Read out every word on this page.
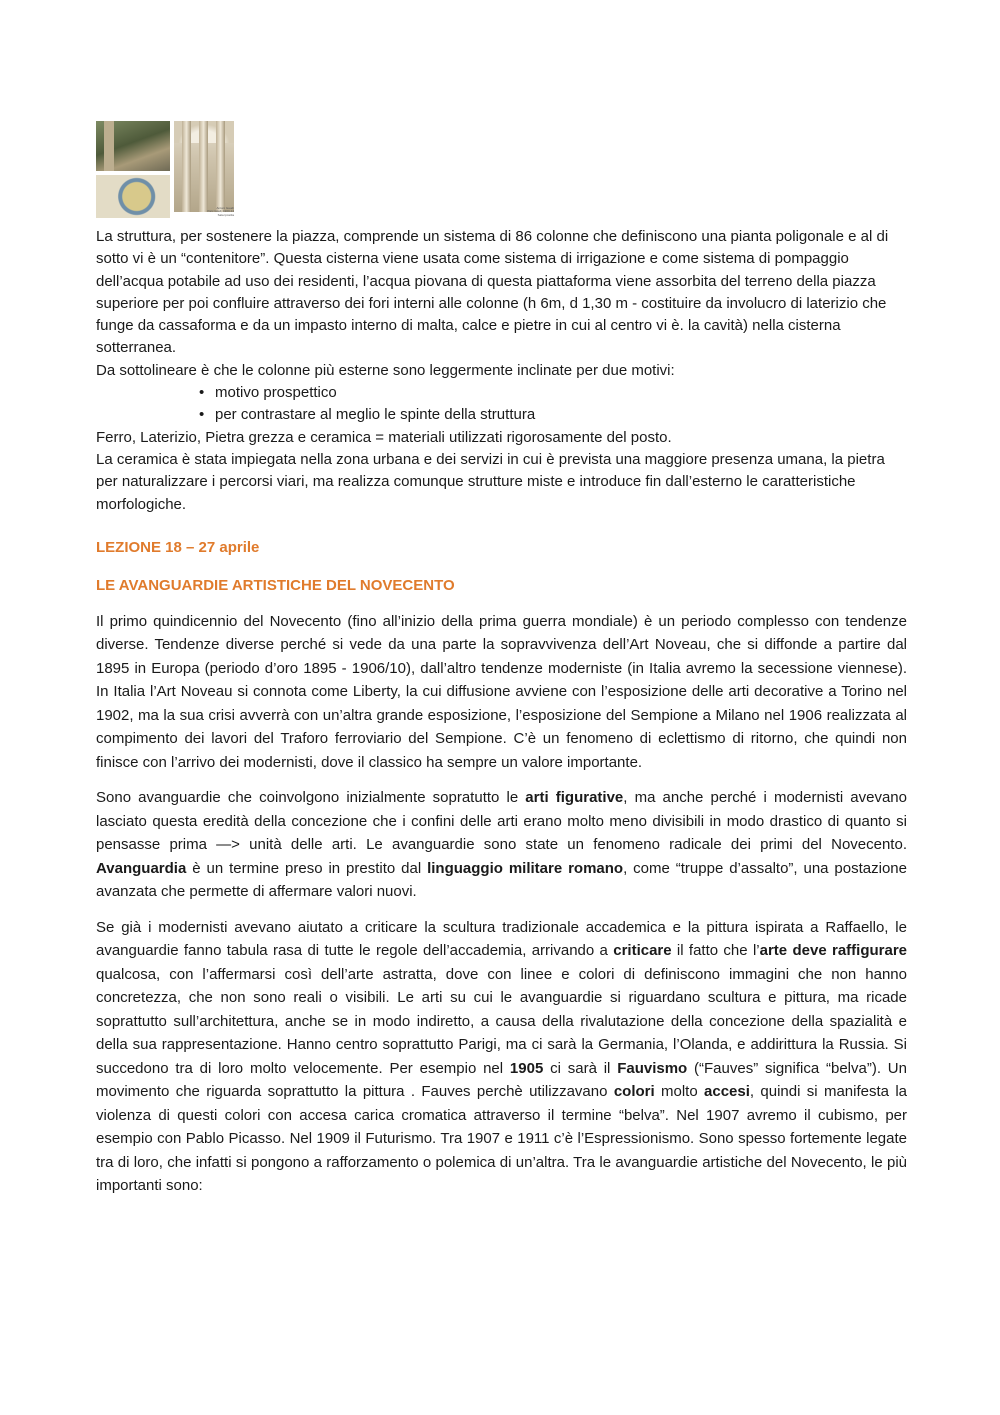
Antoni Gaudí
Parc Güell, 1900-14
Sala Ipòstila

La struttura, per sostenere la piazza, comprende un sistema di 86 colonne che definiscono una pianta poligonale e al di sotto vi è un “contenitore”. Questa cisterna viene usata come sistema di irrigazione e come sistema di pompaggio dell’acqua potabile ad uso dei residenti, l’acqua piovana di questa piattaforma viene assorbita del terreno della piazza superiore per poi confluire attraverso dei fori interni alle colonne (h 6m, d 1,30 m - costituire da involucro di laterizio che funge da cassaforma e da un impasto interno di malta, calce e pietre in cui al centro vi è. la cavità) nella cisterna sotterranea.

Da sottolineare è che le colonne più esterne sono leggermente inclinate per due motivi:

• motivo prospettico
• per contrastare al meglio le spinte della struttura

Ferro, Laterizio, Pietra grezza e ceramica = materiali utilizzati rigorosamente del posto.

La ceramica è stata impiegata nella zona urbana e dei servizi in cui è prevista una maggiore presenza umana, la pietra per naturalizzare i percorsi viari, ma realizza comunque strutture miste e introduce fin dall’esterno le caratteristiche morfologiche.

LEZIONE 18 – 27 aprile

LE AVANGUARDIE ARTISTICHE DEL NOVECENTO

Il primo quindicennio del Novecento (fino all’inizio della prima guerra mondiale) è un periodo complesso con tendenze diverse. Tendenze diverse perché si vede da una parte la sopravvivenza dell’Art Noveau, che si diffonde a partire dal 1895 in Europa (periodo d’oro 1895 - 1906/10), dall’altro tendenze moderniste (in Italia avremo la secessione viennese). In Italia l’Art Noveau si connota come Liberty, la cui diffusione avviene con l’esposizione delle arti decorative a Torino nel 1902, ma la sua crisi avverrà con un’altra grande esposizione, l’esposizione del Sempione a Milano nel 1906 realizzata al compimento dei lavori del Traforo ferroviario del Sempione. C’è un fenomeno di eclettismo di ritorno, che quindi non finisce con l’arrivo dei modernisti, dove il classico ha sempre un valore importante.

Sono avanguardie che coinvolgono inizialmente sopratutto le arti figurative, ma anche perché i modernisti avevano lasciato questa eredità della concezione che i confini delle arti erano molto meno divisibili in modo drastico di quanto si pensasse prima —> unità delle arti. Le avanguardie sono state un fenomeno radicale dei primi del Novecento. Avanguardia è un termine preso in prestito dal linguaggio militare romano, come “truppe d’assalto”, una postazione avanzata che permette di affermare valori nuovi.

Se già i modernisti avevano aiutato a criticare la scultura tradizionale accademica e la pittura ispirata a Raffaello, le avanguardie fanno tabula rasa di tutte le regole dell’accademia, arrivando a criticare il fatto che l’arte deve raffigurare qualcosa, con l’affermarsi così dell’arte astratta, dove con linee e colori di definiscono immagini che non hanno concretezza, che non sono reali o visibili. Le arti su cui le avanguardie si riguardano scultura e pittura, ma ricade soprattutto sull’architettura, anche se in modo indiretto, a causa della rivalutazione della concezione della spazialità e della sua rappresentazione. Hanno centro soprattutto Parigi, ma ci sarà la Germania, l’Olanda, e addirittura la Russia. Si succedono tra di loro molto velocemente. Per esempio nel 1905 ci sarà il Fauvismo (“Fauves” significa “belva”). Un movimento che riguarda soprattutto la pittura . Fauves perchè utilizzavano colori molto accesi, quindi si manifesta la violenza di questi colori con accesa carica cromatica attraverso il termine “belva”. Nel 1907 avremo il cubismo, per esempio con Pablo Picasso. Nel 1909 il Futurismo. Tra 1907 e 1911 c’è l’Espressionismo. Sono spesso fortemente legate tra di loro, che infatti si pongono a rafforzamento o polemica di un’altra. Tra le avanguardie artistiche del Novecento, le più importanti sono:
